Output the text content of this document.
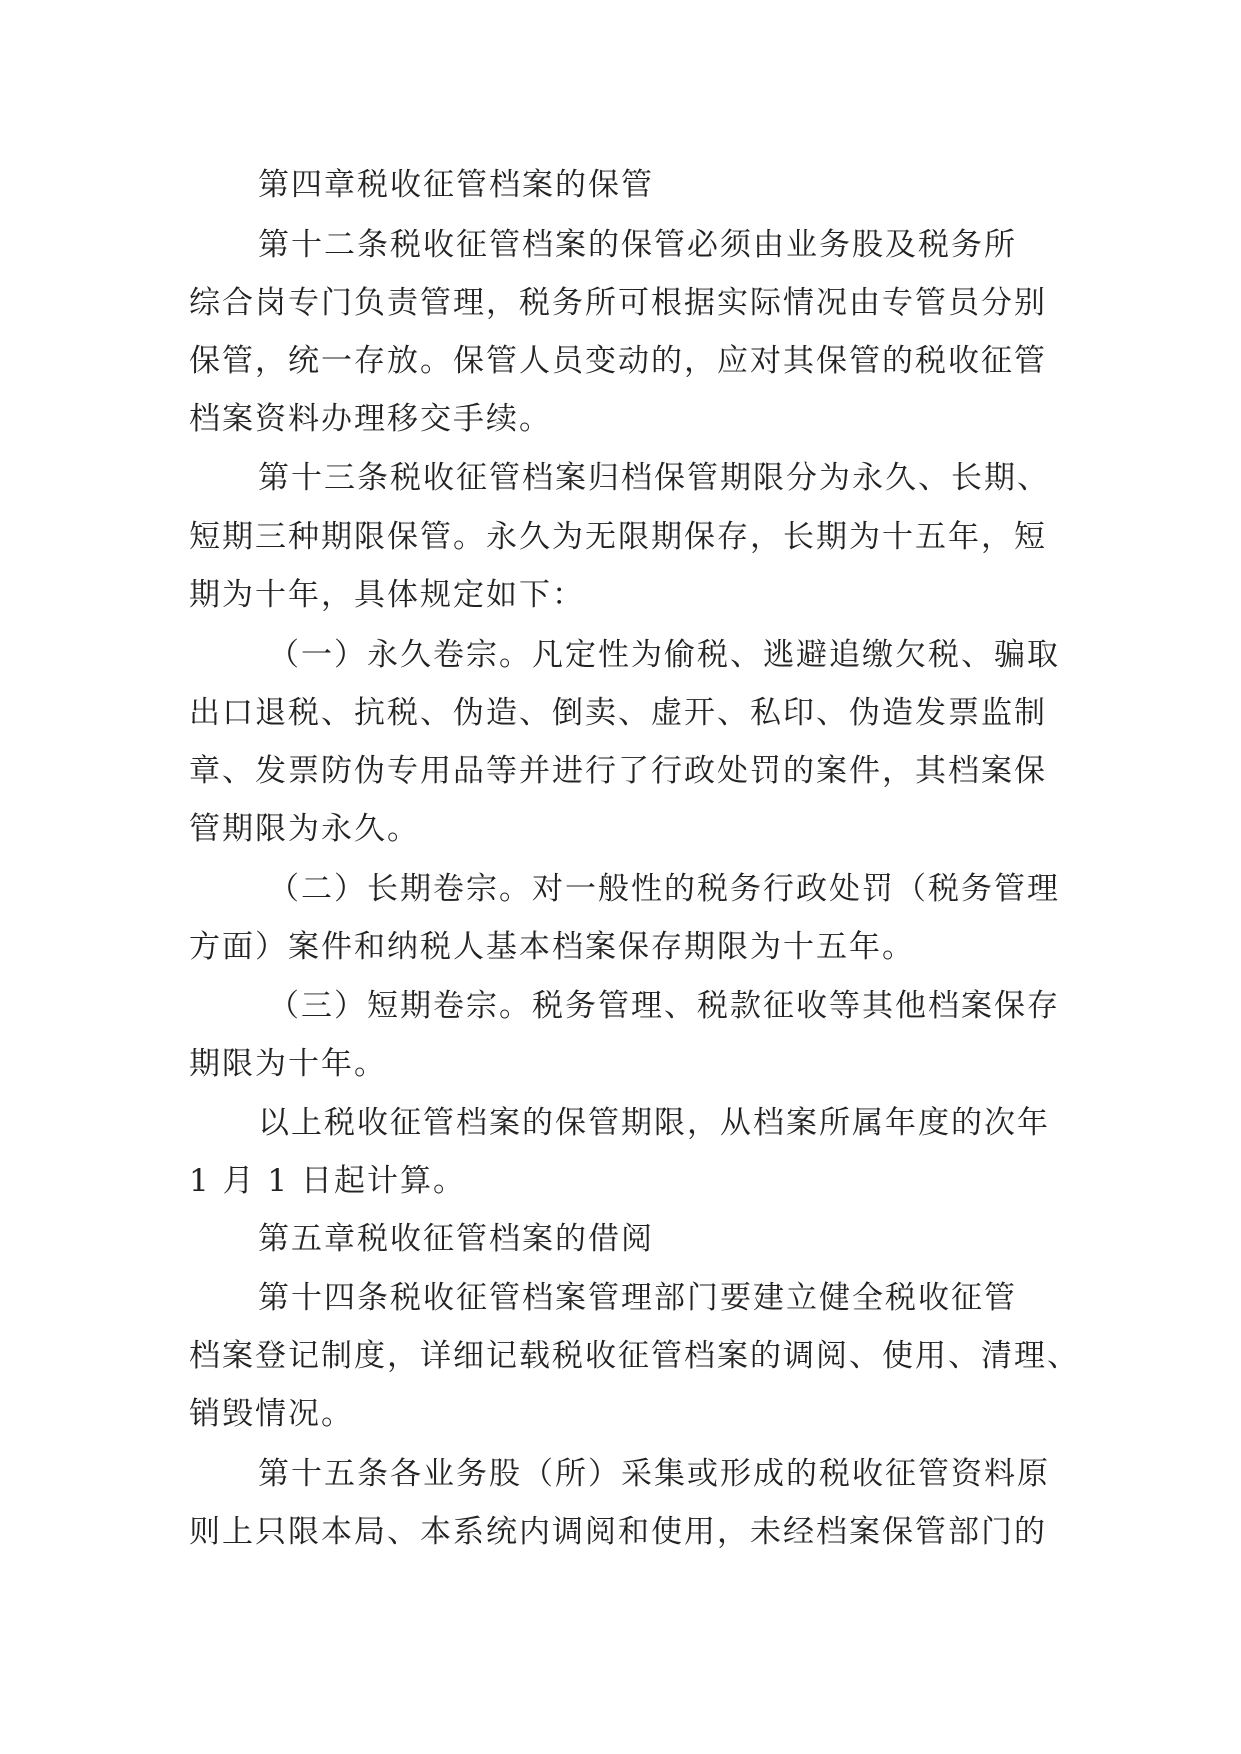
第四章税收征管档案的保管

第十二条税收征管档案的保管必须由业务股及税务所

综合岗专门负责管理，税务所可根据实际情况由专管员分别

保管，统一存放。保管人员变动的，应对其保管的税收征管

档案资料办理移交手续。

第十三条税收征管档案归档保管期限分为永久、长期、

短期三种期限保管。永久为无限期保存，长期为十五年，短

期为十年，具体规定如下：

（一）永久卷宗。凡定性为偷税、逃避追缴欠税、骗取

出口退税、抗税、伪造、倒卖、虚开、私印、伪造发票监制

章、发票防伪专用品等并进行了行政处罚的案件，其档案保

管期限为永久。

（二）长期卷宗。对一般性的税务行政处罚（税务管理

方面）案件和纳税人基本档案保存期限为十五年。

（三）短期卷宗。税务管理、税款征收等其他档案保存

期限为十年。

以上税收征管档案的保管期限，从档案所属年度的次年

1 月 1 日起计算。

第五章税收征管档案的借阅

第十四条税收征管档案管理部门要建立健全税收征管

档案登记制度，详细记载税收征管档案的调阅、使用、清理、

销毁情况。

第十五条各业务股（所）采集或形成的税收征管资料原

则上只限本局、本系统内调阅和使用，未经档案保管部门的
